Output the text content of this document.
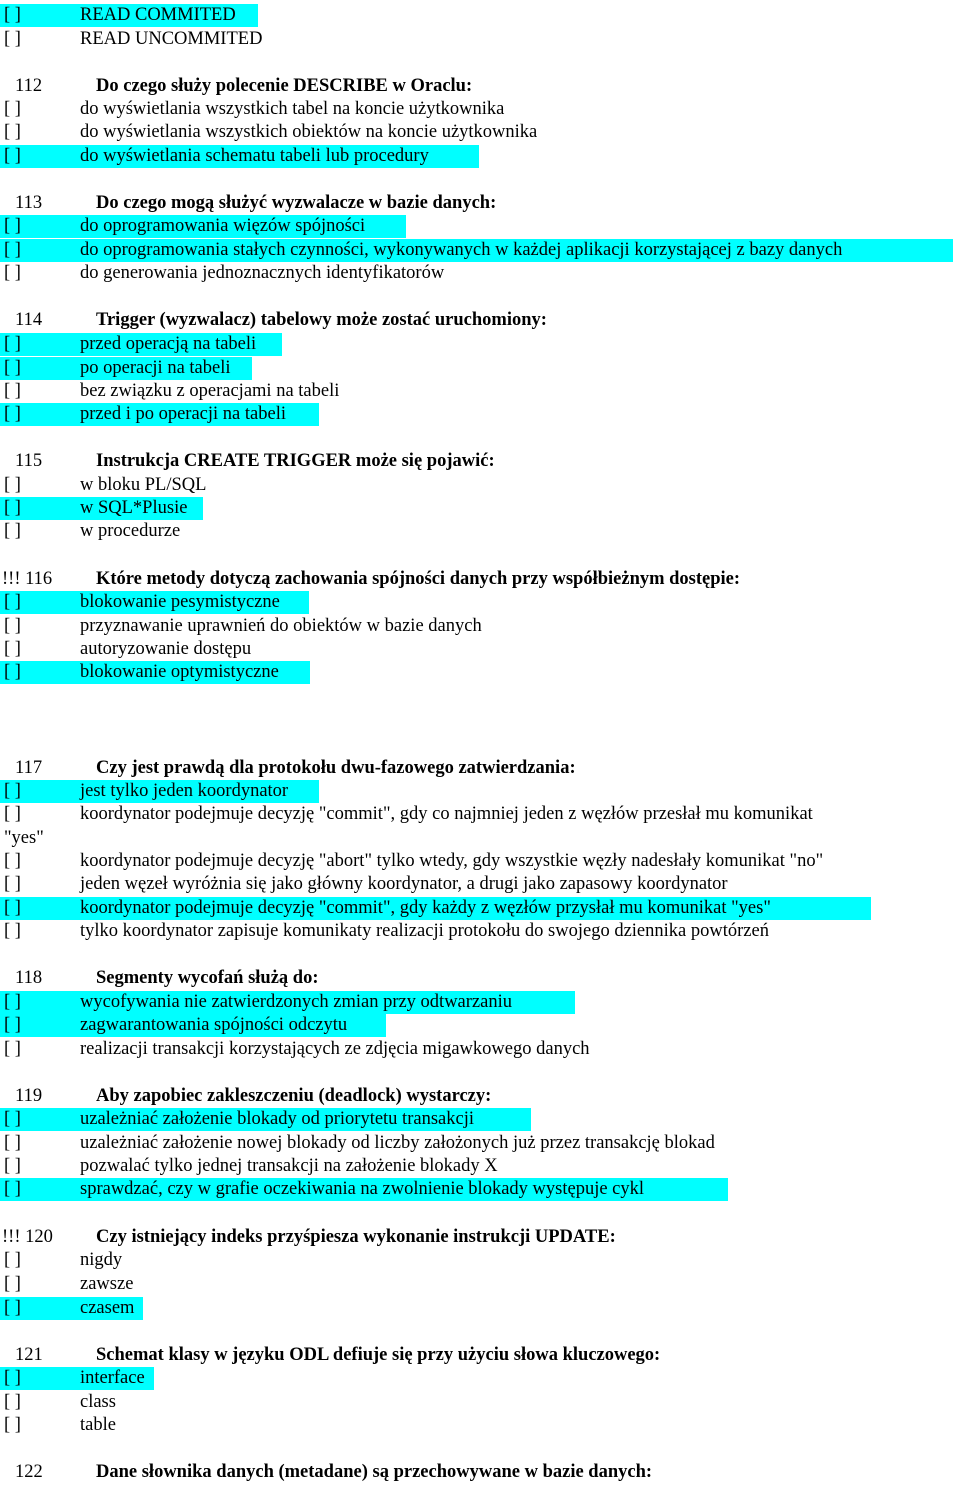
[ ]	READ COMMITED
[ ]	READ UNCOMMITED
112	Do czego służy polecenie DESCRIBE w Oraclu:
[ ]	do wyświetlania wszystkich tabel na koncie użytkownika
[ ]	do wyświetlania wszystkich obiektów na koncie użytkownika
[ ]	do wyświetlania schematu tabeli lub procedury
113	Do czego mogą służyć wyzwalacze w bazie danych:
[ ]	do oprogramowania więzów spójności
[ ]	do oprogramowania stałych czynności, wykonywanych w każdej aplikacji korzystającej z bazy danych
[ ]	do generowania jednoznacznych identyfikatorów
114	Trigger (wyzwalacz) tabelowy może zostać uruchomiony:
[ ]	przed operacją na tabeli
[ ]	po operacji na tabeli
[ ]	bez związku z operacjami na tabeli
[ ]	przed i po operacji na tabeli
115	Instrukcja CREATE TRIGGER może się pojawić:
[ ]	w bloku PL/SQL
[ ]	w SQL*Plusie
[ ]	w procedurze
!!! 116 Które metody dotyczą zachowania spójności danych przy współbieżnym dostępie:
[ ]	blokowanie pesymistyczne
[ ]	przyznawanie uprawnień do obiektów w bazie danych
[ ]	autoryzowanie dostępu
[ ]	blokowanie optymistyczne
117	Czy jest prawdą dla protokołu dwu-fazowego zatwierdzania:
[ ]	jest tylko jeden koordynator
[ ]	koordynator podejmuje decyzję "commit", gdy co najmniej jeden z węzłów przesłał mu komunikat
"yes"
[ ]	koordynator podejmuje decyzję "abort" tylko wtedy, gdy wszystkie węzły nadesłały komunikat "no"
[ ]	jeden węzeł wyróżnia się jako główny koordynator, a drugi jako zapasowy koordynator
[ ]	koordynator podejmuje decyzję "commit", gdy każdy z węzłów przysłał mu komunikat "yes"
[ ]	tylko koordynator zapisuje komunikaty realizacji protokołu do swojego dziennika powtórzeń
118	Segmenty wycofań służą do:
[ ]	wycofywania nie zatwierdzonych zmian przy odtwarzaniu
[ ]	zagwarantowania spójności odczytu
[ ]	realizacji transakcji korzystających ze zdjęcia migawkowego danych
119	Aby zapobiec zakleszczeniu (deadlock) wystarczy:
[ ]	uzależniać założenie blokady od priorytetu transakcji
[ ]	uzależniać założenie nowej blokady od liczby założonych już przez transakcję blokad
[ ]	pozwalać tylko jednej transakcji na założenie blokady X
[ ]	sprawdzać, czy w grafie oczekiwania na zwolnienie blokady występuje cykl
!!! 120 Czy istniejący indeks przyśpiesza wykonanie instrukcji UPDATE:
[ ]	nigdy
[ ]	zawsze
[ ]	czasem
121	Schemat klasy w języku ODL defiuje się przy użyciu słowa kluczowego:
[ ]	interface
[ ]	class
[ ]	table
122	Dane słownika danych (metadane) są przechowywane w bazie danych:
